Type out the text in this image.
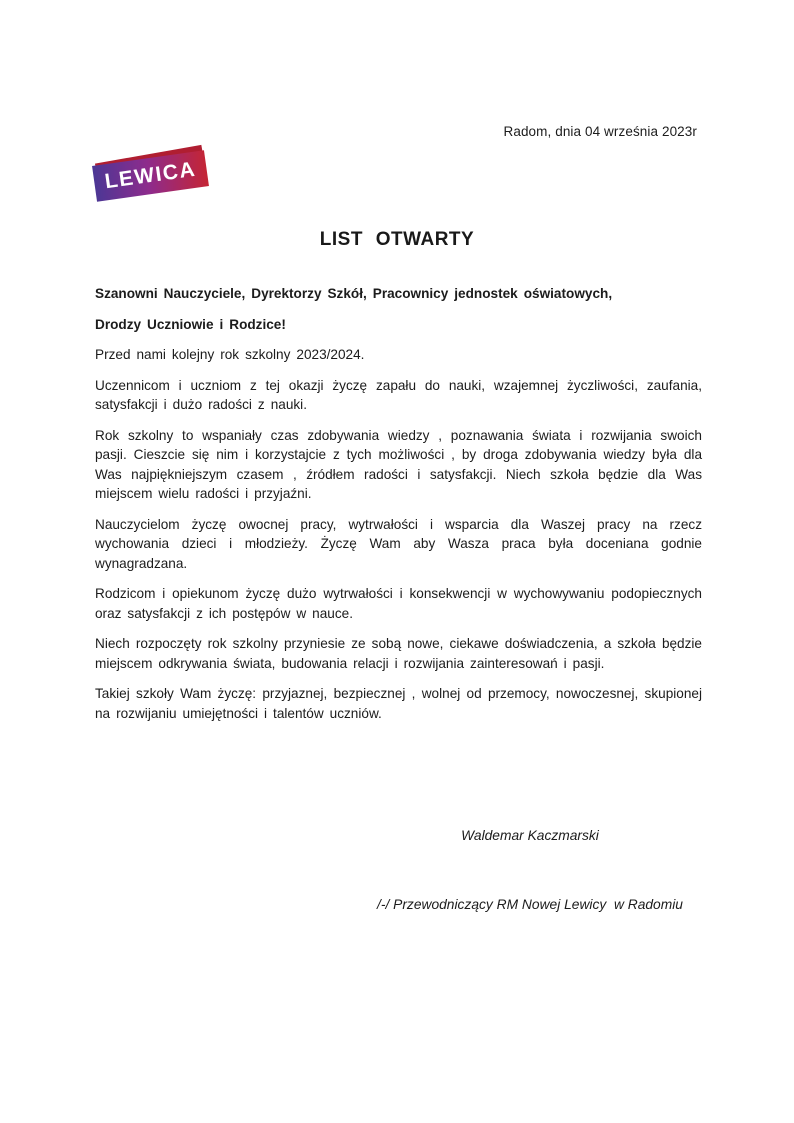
Radom, dnia 04 września 2023r
LEWICA
LIST OTWARTY

Szanowni Nauczyciele, Dyrektorzy Szkół, Pracownicy jednostek oświatowych,

Drodzy Uczniowie i Rodzice!

Przed nami kolejny rok szkolny 2023/2024.

Uczennicom i uczniom z tej okazji życzę zapału do nauki, wzajemnej życzliwości, zaufania, satysfakcji i dużo radości z nauki.

Rok szkolny to wspaniały czas zdobywania wiedzy , poznawania świata i rozwijania swoich pasji. Cieszcie się nim i korzystajcie z tych możliwości , by droga zdobywania wiedzy była dla Was najpiękniejszym czasem , źródłem radości i satysfakcji. Niech szkoła będzie dla Was miejscem wielu radości i przyjaźni.

Nauczycielom życzę owocnej pracy, wytrwałości i wsparcia dla Waszej pracy na rzecz wychowania dzieci i młodzieży. Życzę Wam aby Wasza praca była doceniana godnie wynagradzana.

Rodzicom i opiekunom życzę dużo wytrwałości i konsekwencji w wychowywaniu podopiecznych oraz satysfakcji z ich postępów w nauce.

Niech rozpoczęty rok szkolny przyniesie ze sobą nowe, ciekawe doświadczenia, a szkoła będzie miejscem odkrywania świata, budowania relacji i rozwijania zainteresowań i pasji.

Takiej szkoły Wam życzę: przyjaznej, bezpiecznej , wolnej od przemocy, nowoczesnej, skupionej na rozwijaniu umiejętności i talentów uczniów.

Waldemar Kaczmarski

/-/ Przewodniczący RM Nowej Lewicy  w Radomiu
